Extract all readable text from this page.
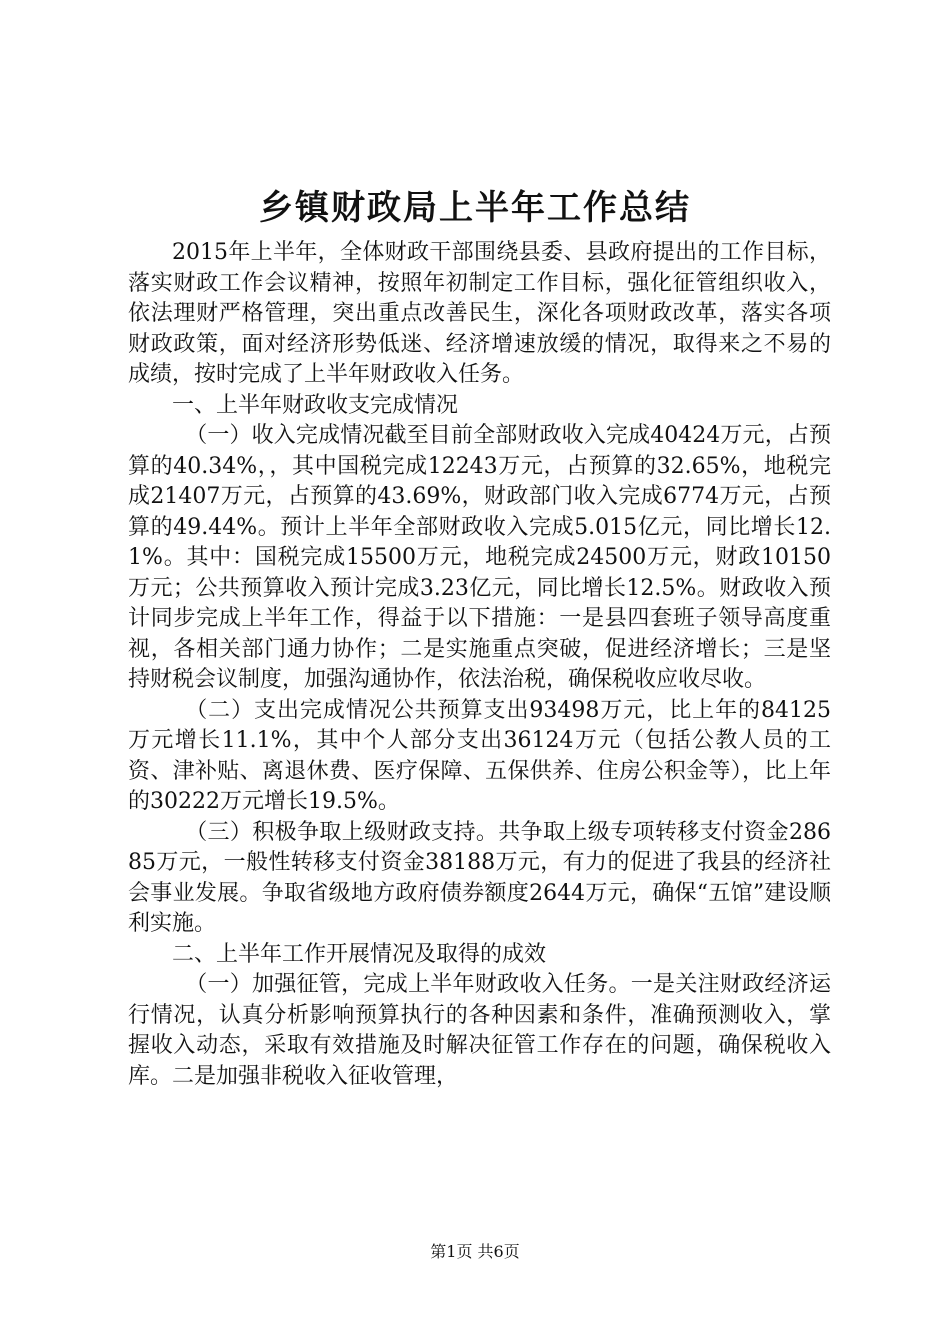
乡镇财政局上半年工作总结

2015年上半年，全体财政干部围绕县委、县政府提出的工作目标，落实财政工作会议精神，按照年初制定工作目标，强化征管组织收入，依法理财严格管理，突出重点改善民生，深化各项财政改革，落实各项财政政策，面对经济形势低迷、经济增速放缓的情况，取得来之不易的成绩，按时完成了上半年财政收入任务。

一、上半年财政收支完成情况

（一）收入完成情况截至目前全部财政收入完成40424万元，占预算的40.34%，，其中国税完成12243万元，占预算的32.65%，地税完成21407万元，占预算的43.69%，财政部门收入完成6774万元，占预算的49.44%。预计上半年全部财政收入完成5.015亿元，同比增长12.1%。其中：国税完成15500万元，地税完成24500万元，财政10150万元；公共预算收入预计完成3.23亿元，同比增长12.5%。财政收入预计同步完成上半年工作，得益于以下措施：一是县四套班子领导高度重视，各相关部门通力协作；二是实施重点突破，促进经济增长；三是坚持财税会议制度，加强沟通协作，依法治税，确保税收应收尽收。

（二）支出完成情况公共预算支出93498万元，比上年的84125万元增长11.1%，其中个人部分支出36124万元（包括公教人员的工资、津补贴、离退休费、医疗保障、五保供养、住房公积金等），比上年的30222万元增长19.5%。

（三）积极争取上级财政支持。共争取上级专项转移支付资金28685万元，一般性转移支付资金38188万元，有力的促进了我县的经济社会事业发展。争取省级地方政府债券额度2644万元，确保“五馆”建设顺利实施。

二、上半年工作开展情况及取得的成效

（一）加强征管，完成上半年财政收入任务。一是关注财政经济运行情况，认真分析影响预算执行的各种因素和条件，准确预测收入，掌握收入动态，采取有效措施及时解决征管工作存在的问题，确保税收入库。二是加强非税收入征收管理，

第1页 共6页
